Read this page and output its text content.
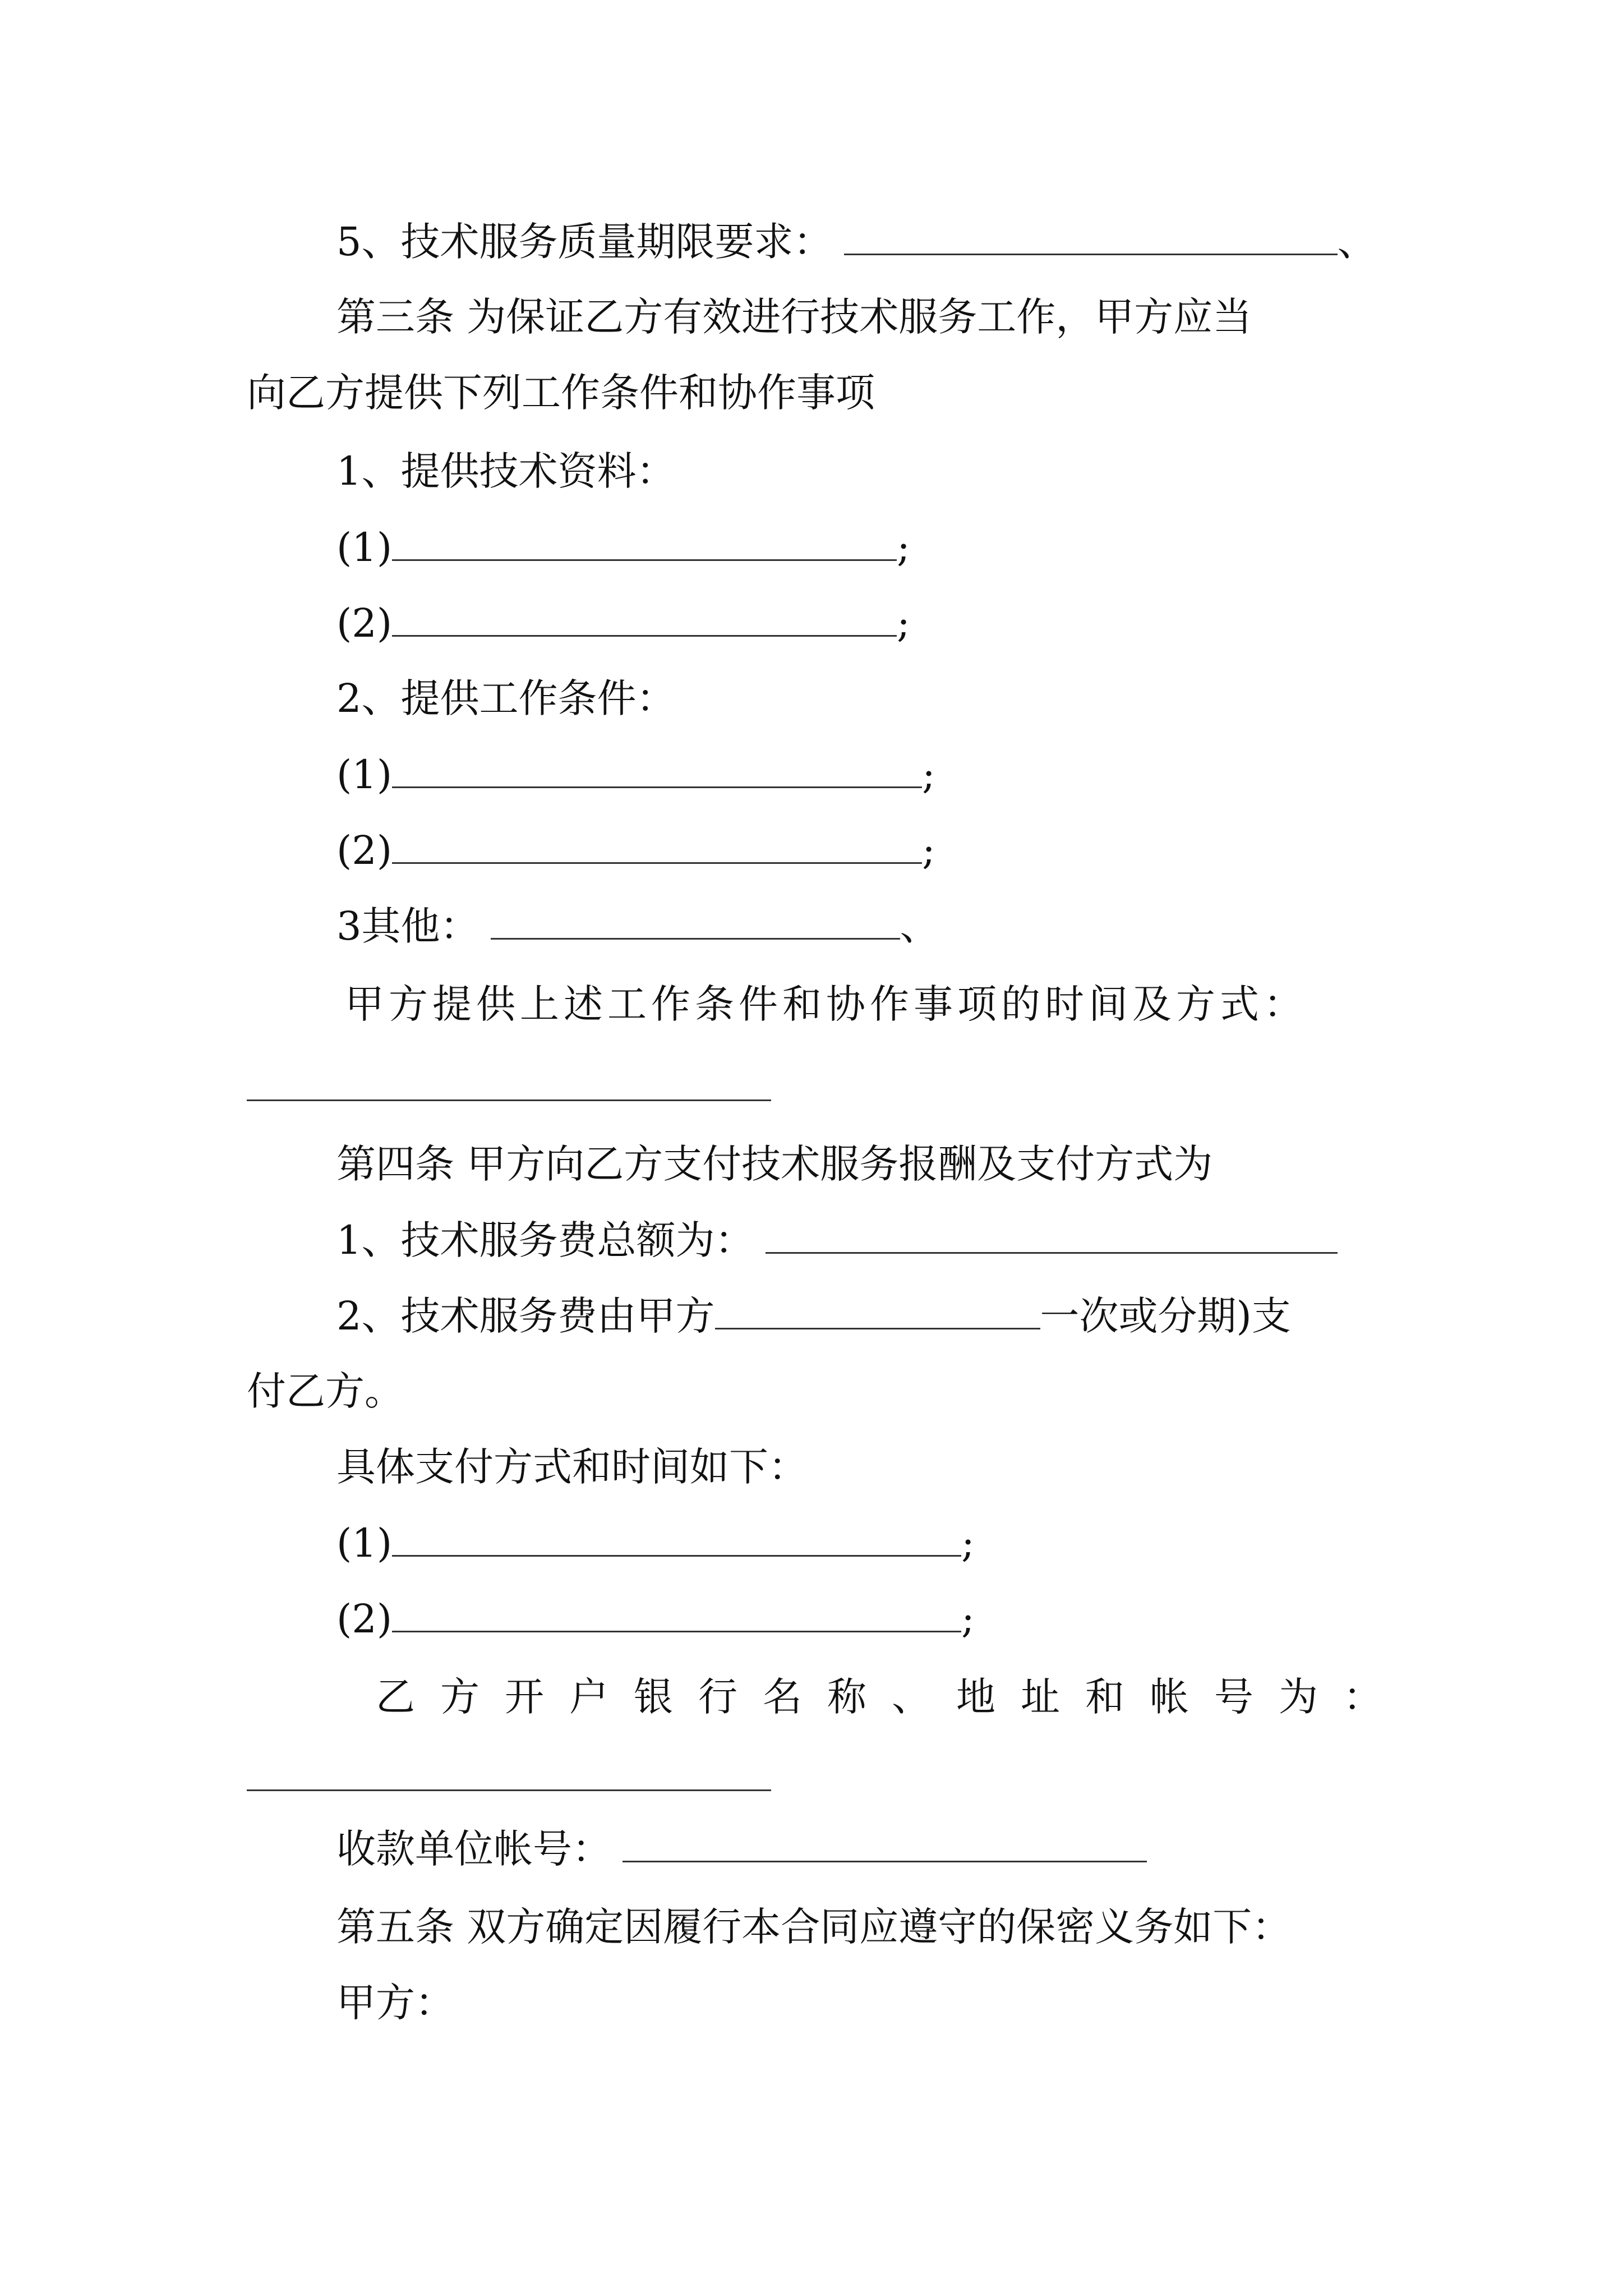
5、技术服务质量期限要求：	、
第三条 为保证乙方有效进行技术服务工作，甲方应当
向乙方提供下列工作条件和协作事项
1、提供技术资料：
(1)	;
(2)	;
2、提供工作条件：
(1)	;
(2)	;
3其他：	、
甲方提供上述工作条件和协作事项的时间及方式：
第四条 甲方向乙方支付技术服务报酬及支付方式为
1、技术服务费总额为：
2、技术服务费由甲方	一次或分期)支
付乙方。
具体支付方式和时间如下：
(1)	;
(2)	;
乙 方 开 户 银 行 名 称 、 地 址 和 帐 号 为 ：
收款单位帐号：
第五条 双方确定因履行本合同应遵守的保密义务如下：
甲方：
